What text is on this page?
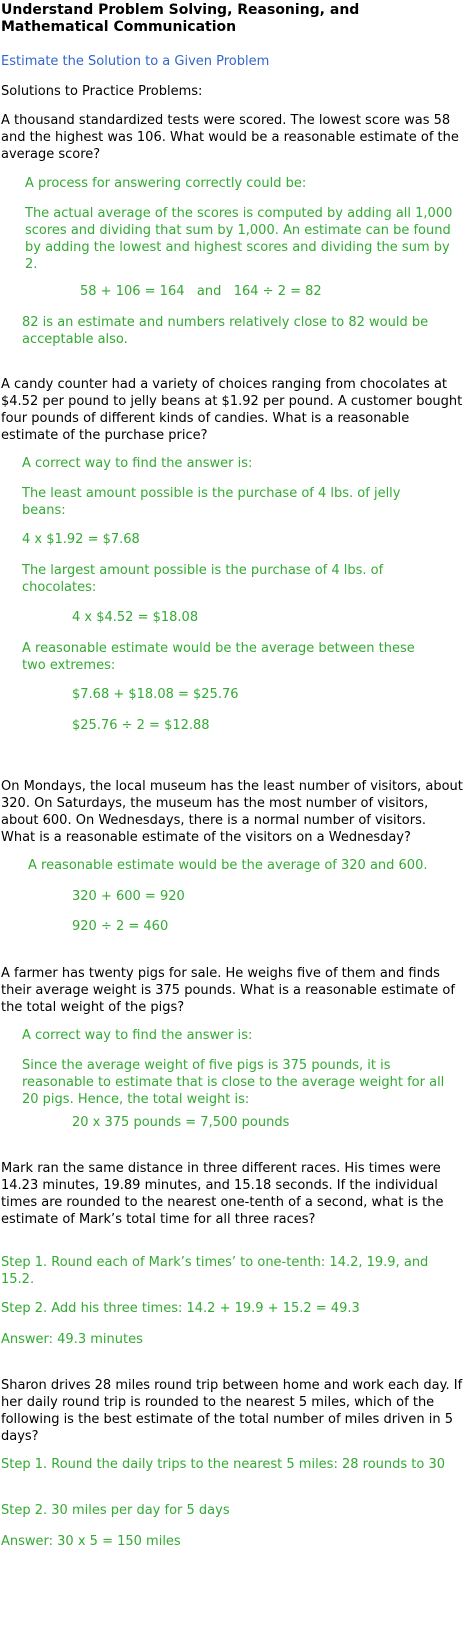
Understand Problem Solving, Reasoning, and Mathematical Communication
Estimate the Solution to a Given Problem
Solutions to Practice Problems:
A thousand standardized tests were scored. The lowest score was 58 and the highest was 106. What would be a reasonable estimate of the average score?
A process for answering correctly could be:
The actual average of the scores is computed by adding all 1,000 scores and dividing that sum by 1,000. An estimate can be found by adding the lowest and highest scores and dividing the sum by 2.
58 + 106 = 164   and   164 ÷ 2 = 82
82 is an estimate and numbers relatively close to 82 would be acceptable also.
A candy counter had a variety of choices ranging from chocolates at $4.52 per pound to jelly beans at $1.92 per pound. A customer bought four pounds of different kinds of candies. What is a reasonable estimate of the purchase price?
A correct way to find the answer is:
The least amount possible is the purchase of 4 lbs. of jelly beans:
4 x $1.92 = $7.68
The largest amount possible is the purchase of 4 lbs. of chocolates:
4 x $4.52 = $18.08
A reasonable estimate would be the average between these two extremes:
$7.68 + $18.08 = $25.76
$25.76 ÷ 2 = $12.88
On Mondays, the local museum has the least number of visitors, about 320. On Saturdays, the museum has the most number of visitors, about 600. On Wednesdays, there is a normal number of visitors. What is a reasonable estimate of the visitors on a Wednesday?
A reasonable estimate would be the average of 320 and 600.
320 + 600 = 920
920 ÷ 2 = 460
A farmer has twenty pigs for sale. He weighs five of them and finds their average weight is 375 pounds. What is a reasonable estimate of the total weight of the pigs?
A correct way to find the answer is:
Since the average weight of five pigs is 375 pounds, it is reasonable to estimate that is close to the average weight for all 20 pigs. Hence, the total weight is:
20 x 375 pounds = 7,500 pounds
Mark ran the same distance in three different races. His times were 14.23 minutes, 19.89 minutes, and 15.18 seconds. If the individual times are rounded to the nearest one-tenth of a second, what is the estimate of Mark’s total time for all three races?
Step 1. Round each of Mark’s times’ to one-tenth: 14.2, 19.9, and 15.2.
Step 2. Add his three times: 14.2 + 19.9 + 15.2 = 49.3
Answer: 49.3 minutes
Sharon drives 28 miles round trip between home and work each day. If her daily round trip is rounded to the nearest 5 miles, which of the following is the best estimate of the total number of miles driven in 5 days?
Step 1. Round the daily trips to the nearest 5 miles: 28 rounds to 30
Step 2. 30 miles per day for 5 days
Answer: 30 x 5 = 150 miles
